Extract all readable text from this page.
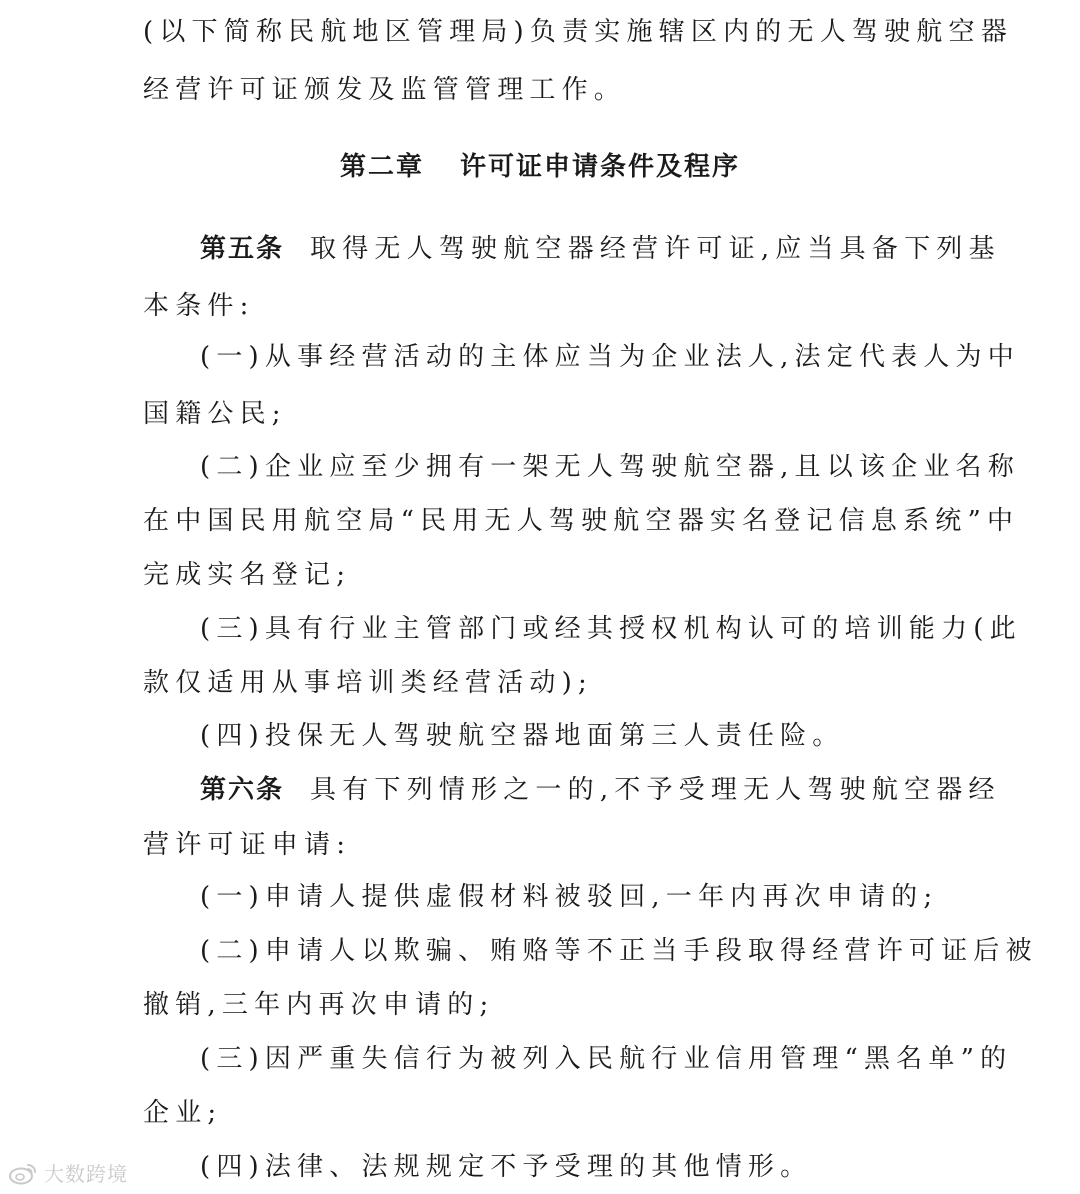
(以下简称民航地区管理局)负责实施辖区内的无人驾驶航空器
经营许可证颁发及监管管理工作。
第二章 许可证申请条件及程序
第五条 取得无人驾驶航空器经营许可证,应当具备下列基
本条件:
(一)从事经营活动的主体应当为企业法人,法定代表人为中
国籍公民;
(二)企业应至少拥有一架无人驾驶航空器,且以该企业名称
在中国民用航空局“民用无人驾驶航空器实名登记信息系统”中
完成实名登记;
(三)具有行业主管部门或经其授权机构认可的培训能力(此
款仅适用从事培训类经营活动);
(四)投保无人驾驶航空器地面第三人责任险。
第六条 具有下列情形之一的,不予受理无人驾驶航空器经
营许可证申请:
(一)申请人提供虚假材料被驳回,一年内再次申请的;
(二)申请人以欺骗、贿赂等不正当手段取得经营许可证后被
撤销,三年内再次申请的;
(三)因严重失信行为被列入民航行业信用管理“黑名单”的
企业;
(四)法律、法规规定不予受理的其他情形。
大数跨境
